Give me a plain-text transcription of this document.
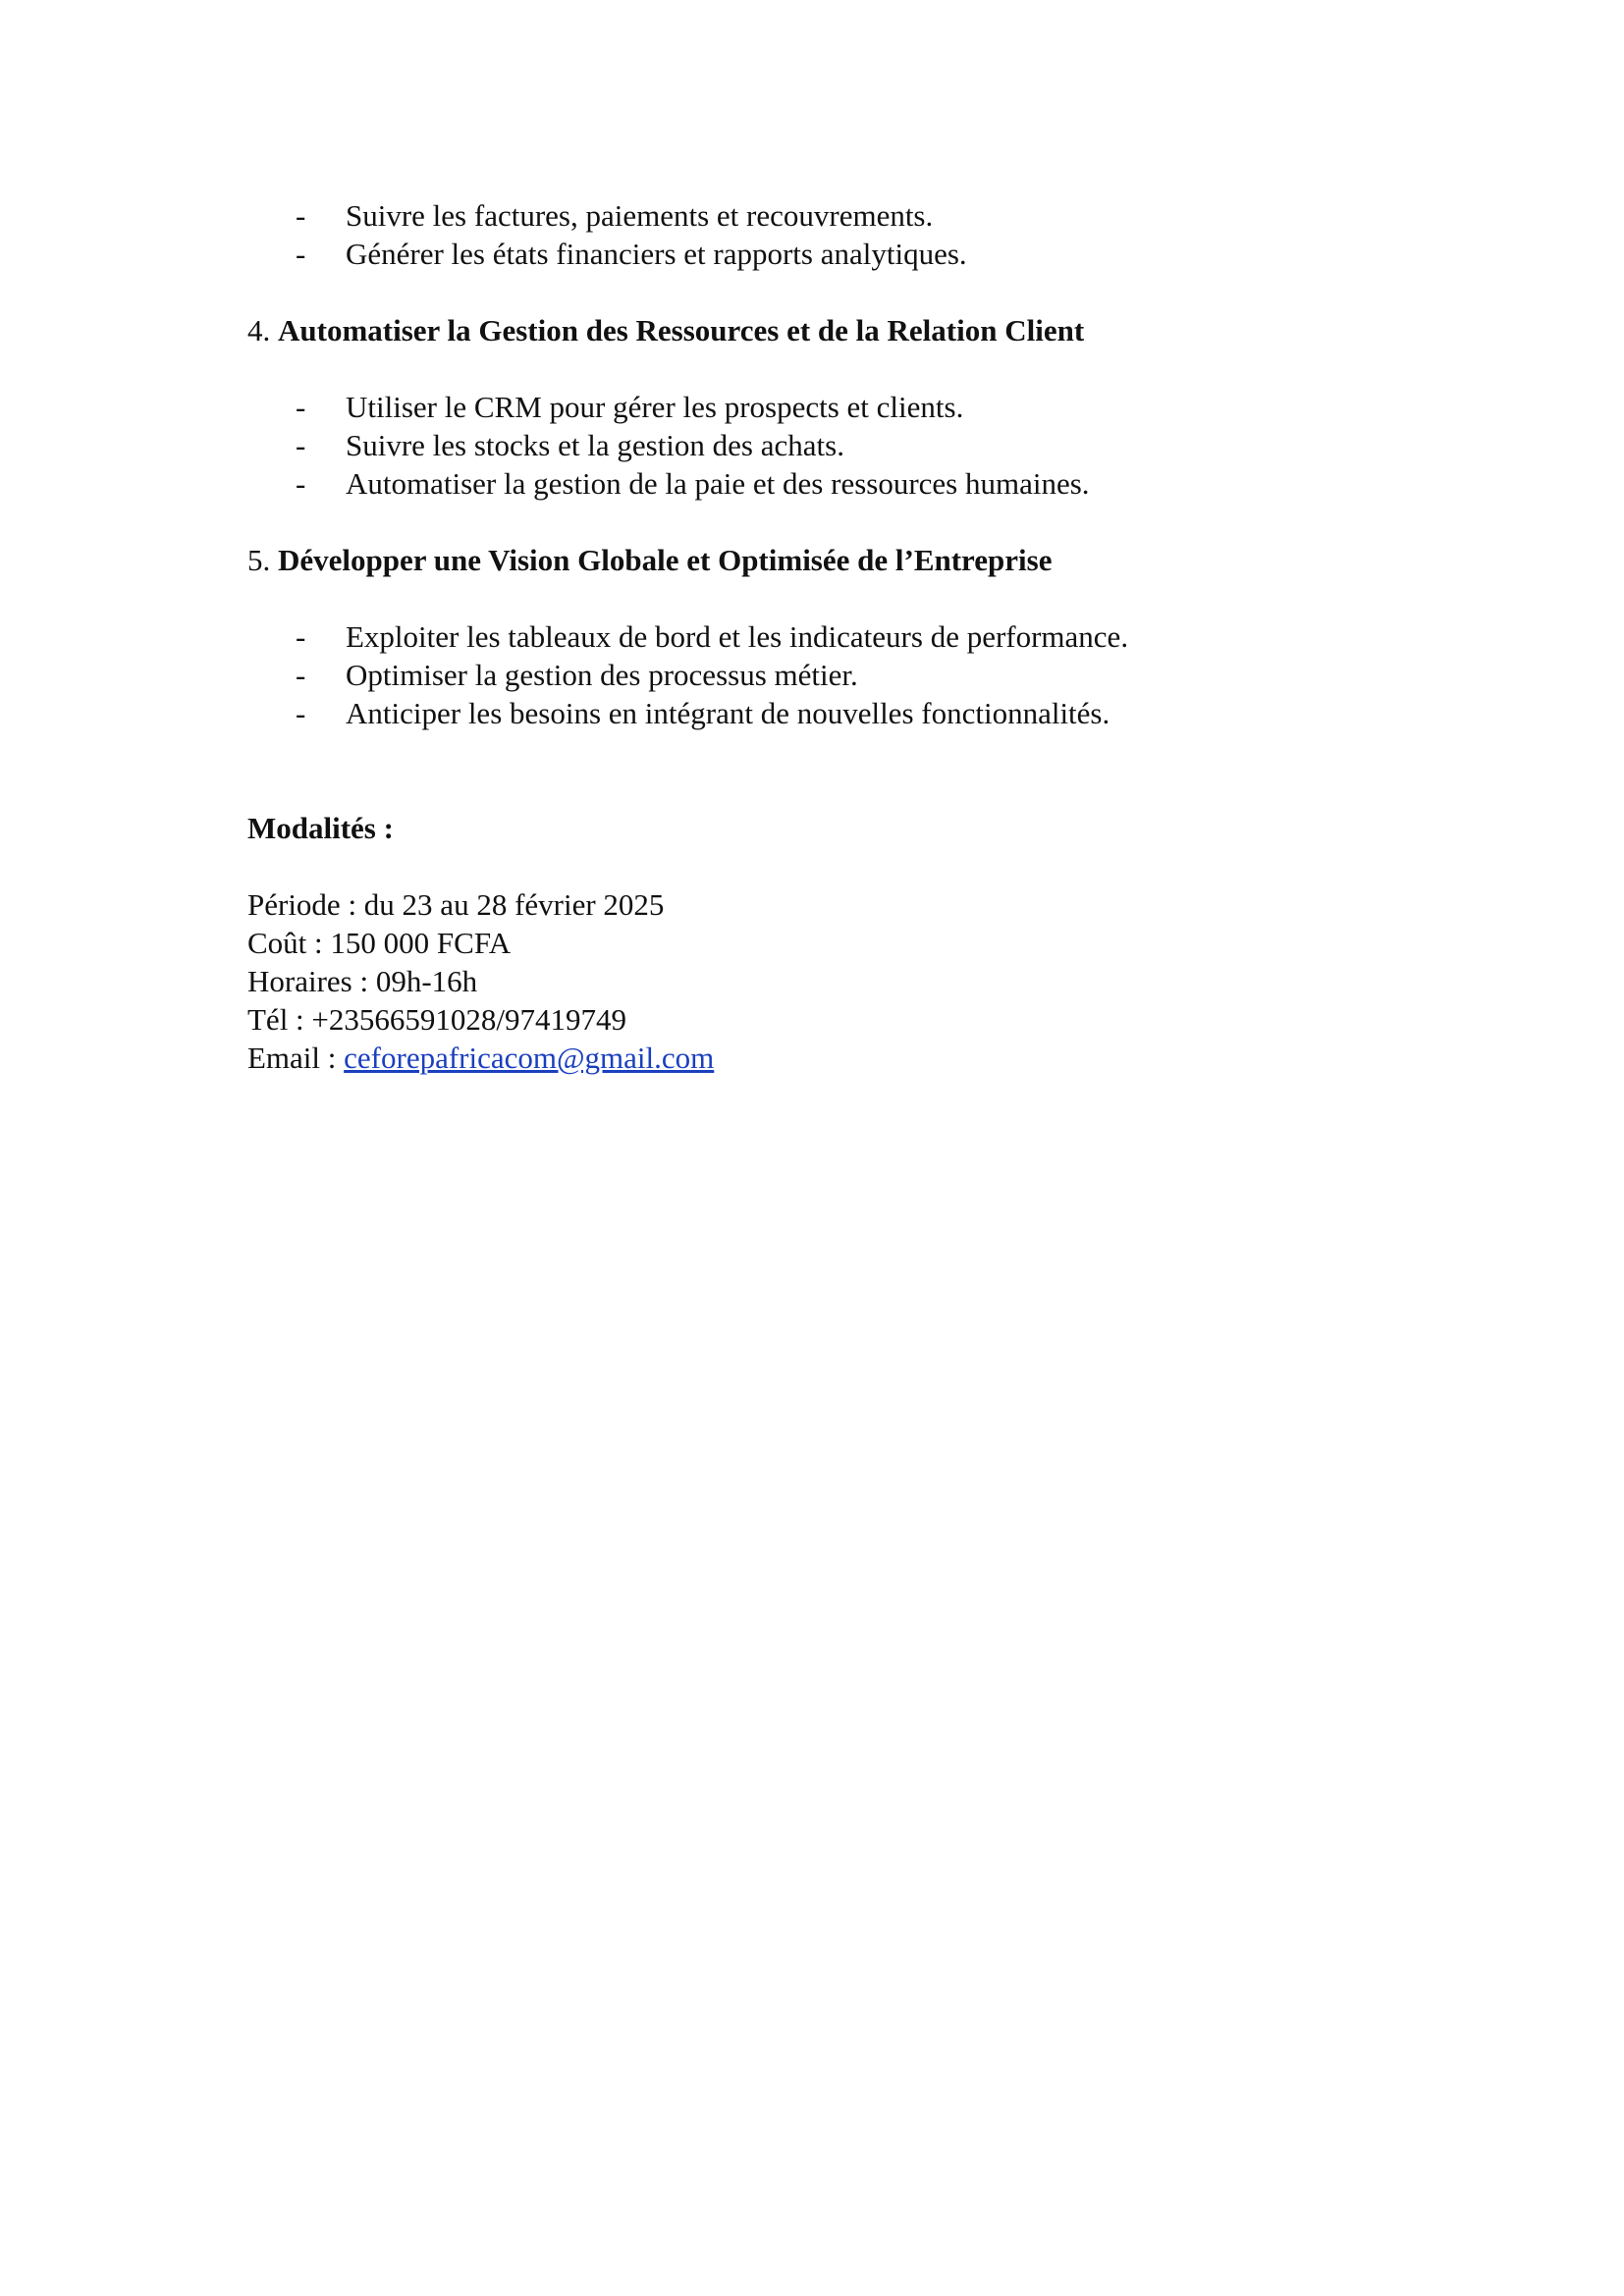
- Suivre les factures, paiements et recouvrements.
- Générer les états financiers et rapports analytiques.
4. Automatiser la Gestion des Ressources et de la Relation Client
- Utiliser le CRM pour gérer les prospects et clients.
- Suivre les stocks et la gestion des achats.
- Automatiser la gestion de la paie et des ressources humaines.
5. Développer une Vision Globale et Optimisée de l’Entreprise
- Exploiter les tableaux de bord et les indicateurs de performance.
- Optimiser la gestion des processus métier.
- Anticiper les besoins en intégrant de nouvelles fonctionnalités.
Modalités :
Période : du 23 au 28 février 2025
Coût : 150 000 FCFA
Horaires : 09h-16h
Tél : +23566591028/97419749
Email : ceforepafricacom@gmail.com
